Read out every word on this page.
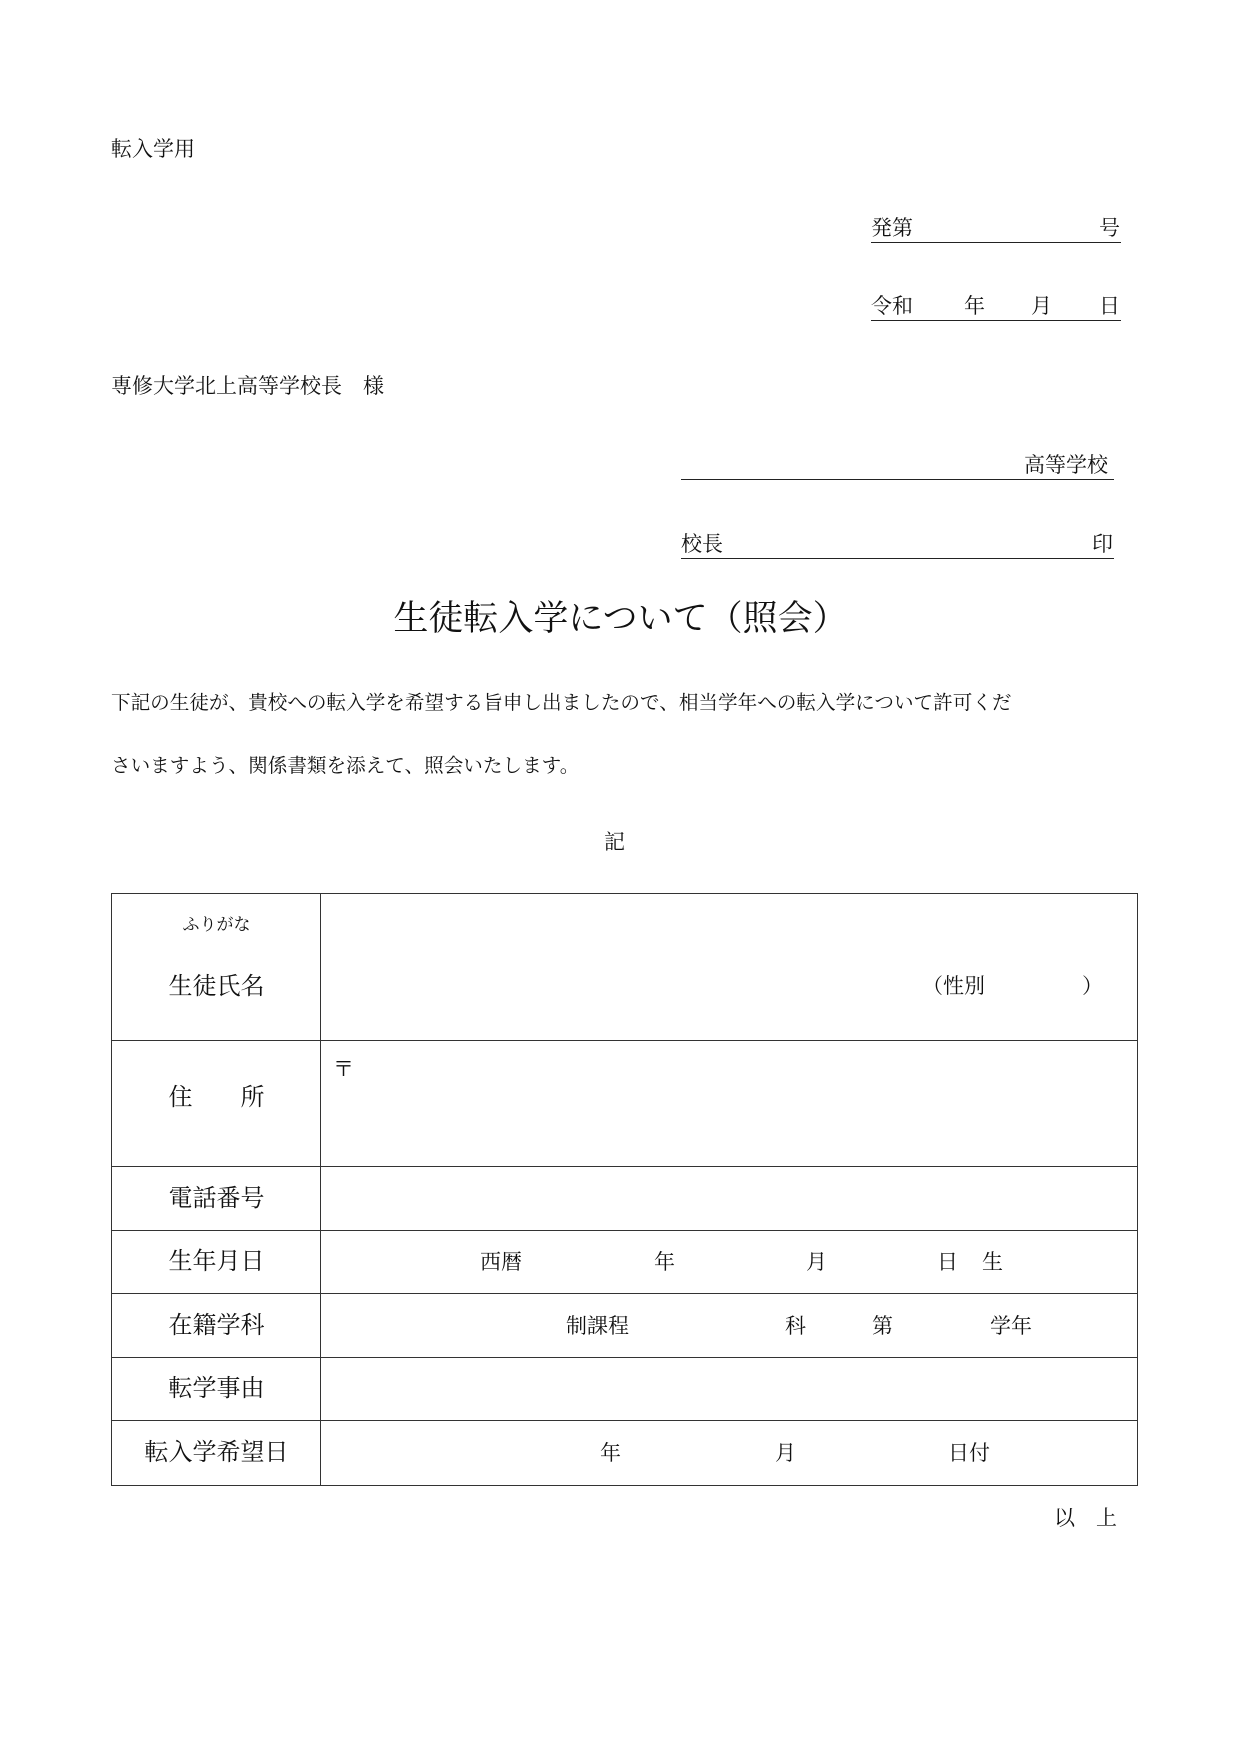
転入学用
発第	号
令和 年 月 日
専修大学北上高等学校長　様
高等学校
校長	印
生徒転入学について（照会）
下記の生徒が、貴校への転入学を希望する旨申し出ましたので、相当学年への転入学について許可くだ
さいますよう、関係書類を添えて、照会いたします。
記
ふりがな
生徒氏名	（性別	）
住　　所
〒
電話番号
生年月日	西暦	年	月	日 生
在籍学科	制課程	科	第	学年
転学事由
転入学希望日	年	月	日付
以　上
